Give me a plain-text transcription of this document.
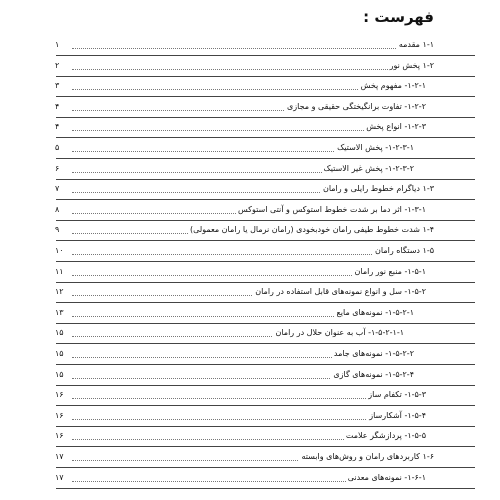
فهرست :
۱-۱ مقدمه
۱
۱-۲ پخش نور
۲
۱-۲-۱- مفهوم پخش
۳
۱-۲-۲- تفاوت برانگیختگی حقیقی و مجازی
۴
۱-۲-۳- انواع پخش
۴
۱-۲-۳-۱- پخش الاستیک
۵
۱-۲-۳-۲- پخش غیر الاستیک
۶
۱-۳ دیاگرام خطوط رایلی و رامان
۷
۱-۳-۱- اثر دما بر شدت خطوط استوکس و آنتی استوکس
۸
۱-۴ شدت خطوط طیفی رامان خودبخودی (رامان نرمال یا رامان معمولی)
۹
۱-۵ دستگاه رامان
۱۰
۱-۵-۱- منبع نور رامان
۱۱
۱-۵-۲- سل و انواع نمونه‌های قابل استفاده در رامان
۱۲
۱-۵-۲-۱- نمونه‌های مایع
۱۳
۱-۵-۲-۱-۱- آب به عنوان حلال در رامان
۱۵
۱-۵-۲-۲- نمونه‌های جامد
۱۵
۱-۵-۲-۴- نمونه‌های گازی
۱۵
۱-۵-۳- تکفام ساز
۱۶
۱-۵-۴- آشکارساز
۱۶
۱-۵-۵- پردازشگر علامت
۱۶
۱-۶ کاربردهای رامان و روش‌های وابسته
۱۷
۱-۶-۱- نمونه‌های معدنی
۱۷
